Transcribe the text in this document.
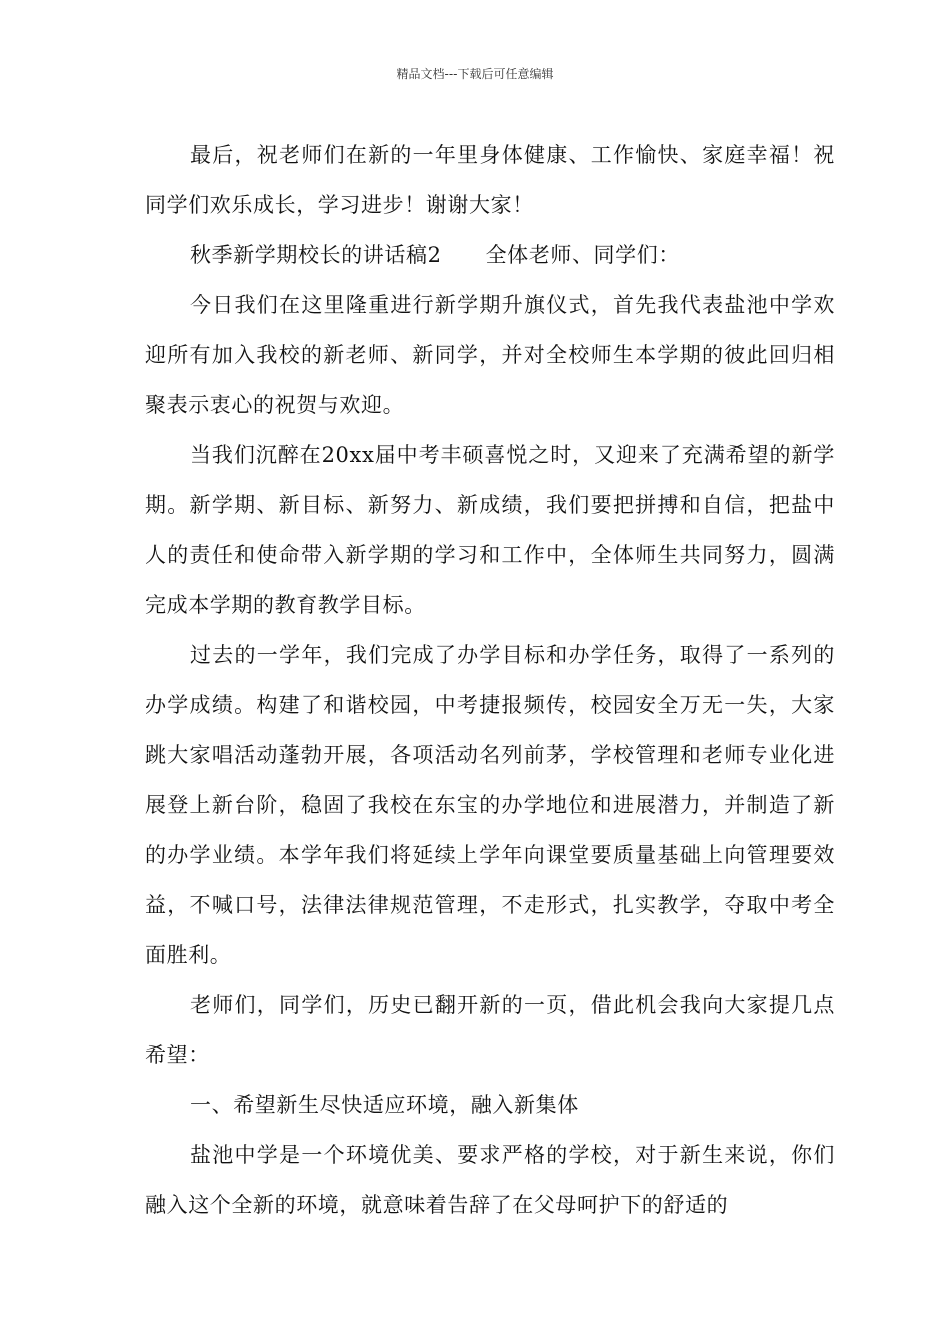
精品文档---下载后可任意编辑

最后，祝老师们在新的一年里身体健康、工作愉快、家庭幸福！祝同学们欢乐成长，学习进步！谢谢大家！

秋季新学期校长的讲话稿2 全体老师、同学们：

今日我们在这里隆重进行新学期升旗仪式，首先我代表盐池中学欢迎所有加入我校的新老师、新同学，并对全校师生本学期的彼此回归相聚表示衷心的祝贺与欢迎。

当我们沉醉在20xx届中考丰硕喜悦之时，又迎来了充满希望的新学期。新学期、新目标、新努力、新成绩，我们要把拼搏和自信，把盐中人的责任和使命带入新学期的学习和工作中，全体师生共同努力，圆满完成本学期的教育教学目标。

过去的一学年，我们完成了办学目标和办学任务，取得了一系列的办学成绩。构建了和谐校园，中考捷报频传，校园安全万无一失，大家跳大家唱活动蓬勃开展，各项活动名列前茅，学校管理和老师专业化进展登上新台阶，稳固了我校在东宝的办学地位和进展潜力，并制造了新的办学业绩。本学年我们将延续上学年向课堂要质量基础上向管理要效益，不喊口号，法律法律规范管理，不走形式，扎实教学，夺取中考全面胜利。

老师们，同学们，历史已翻开新的一页，借此机会我向大家提几点希望：

一、希望新生尽快适应环境，融入新集体

盐池中学是一个环境优美、要求严格的学校，对于新生来说，你们融入这个全新的环境，就意味着告辞了在父母呵护下的舒适的
